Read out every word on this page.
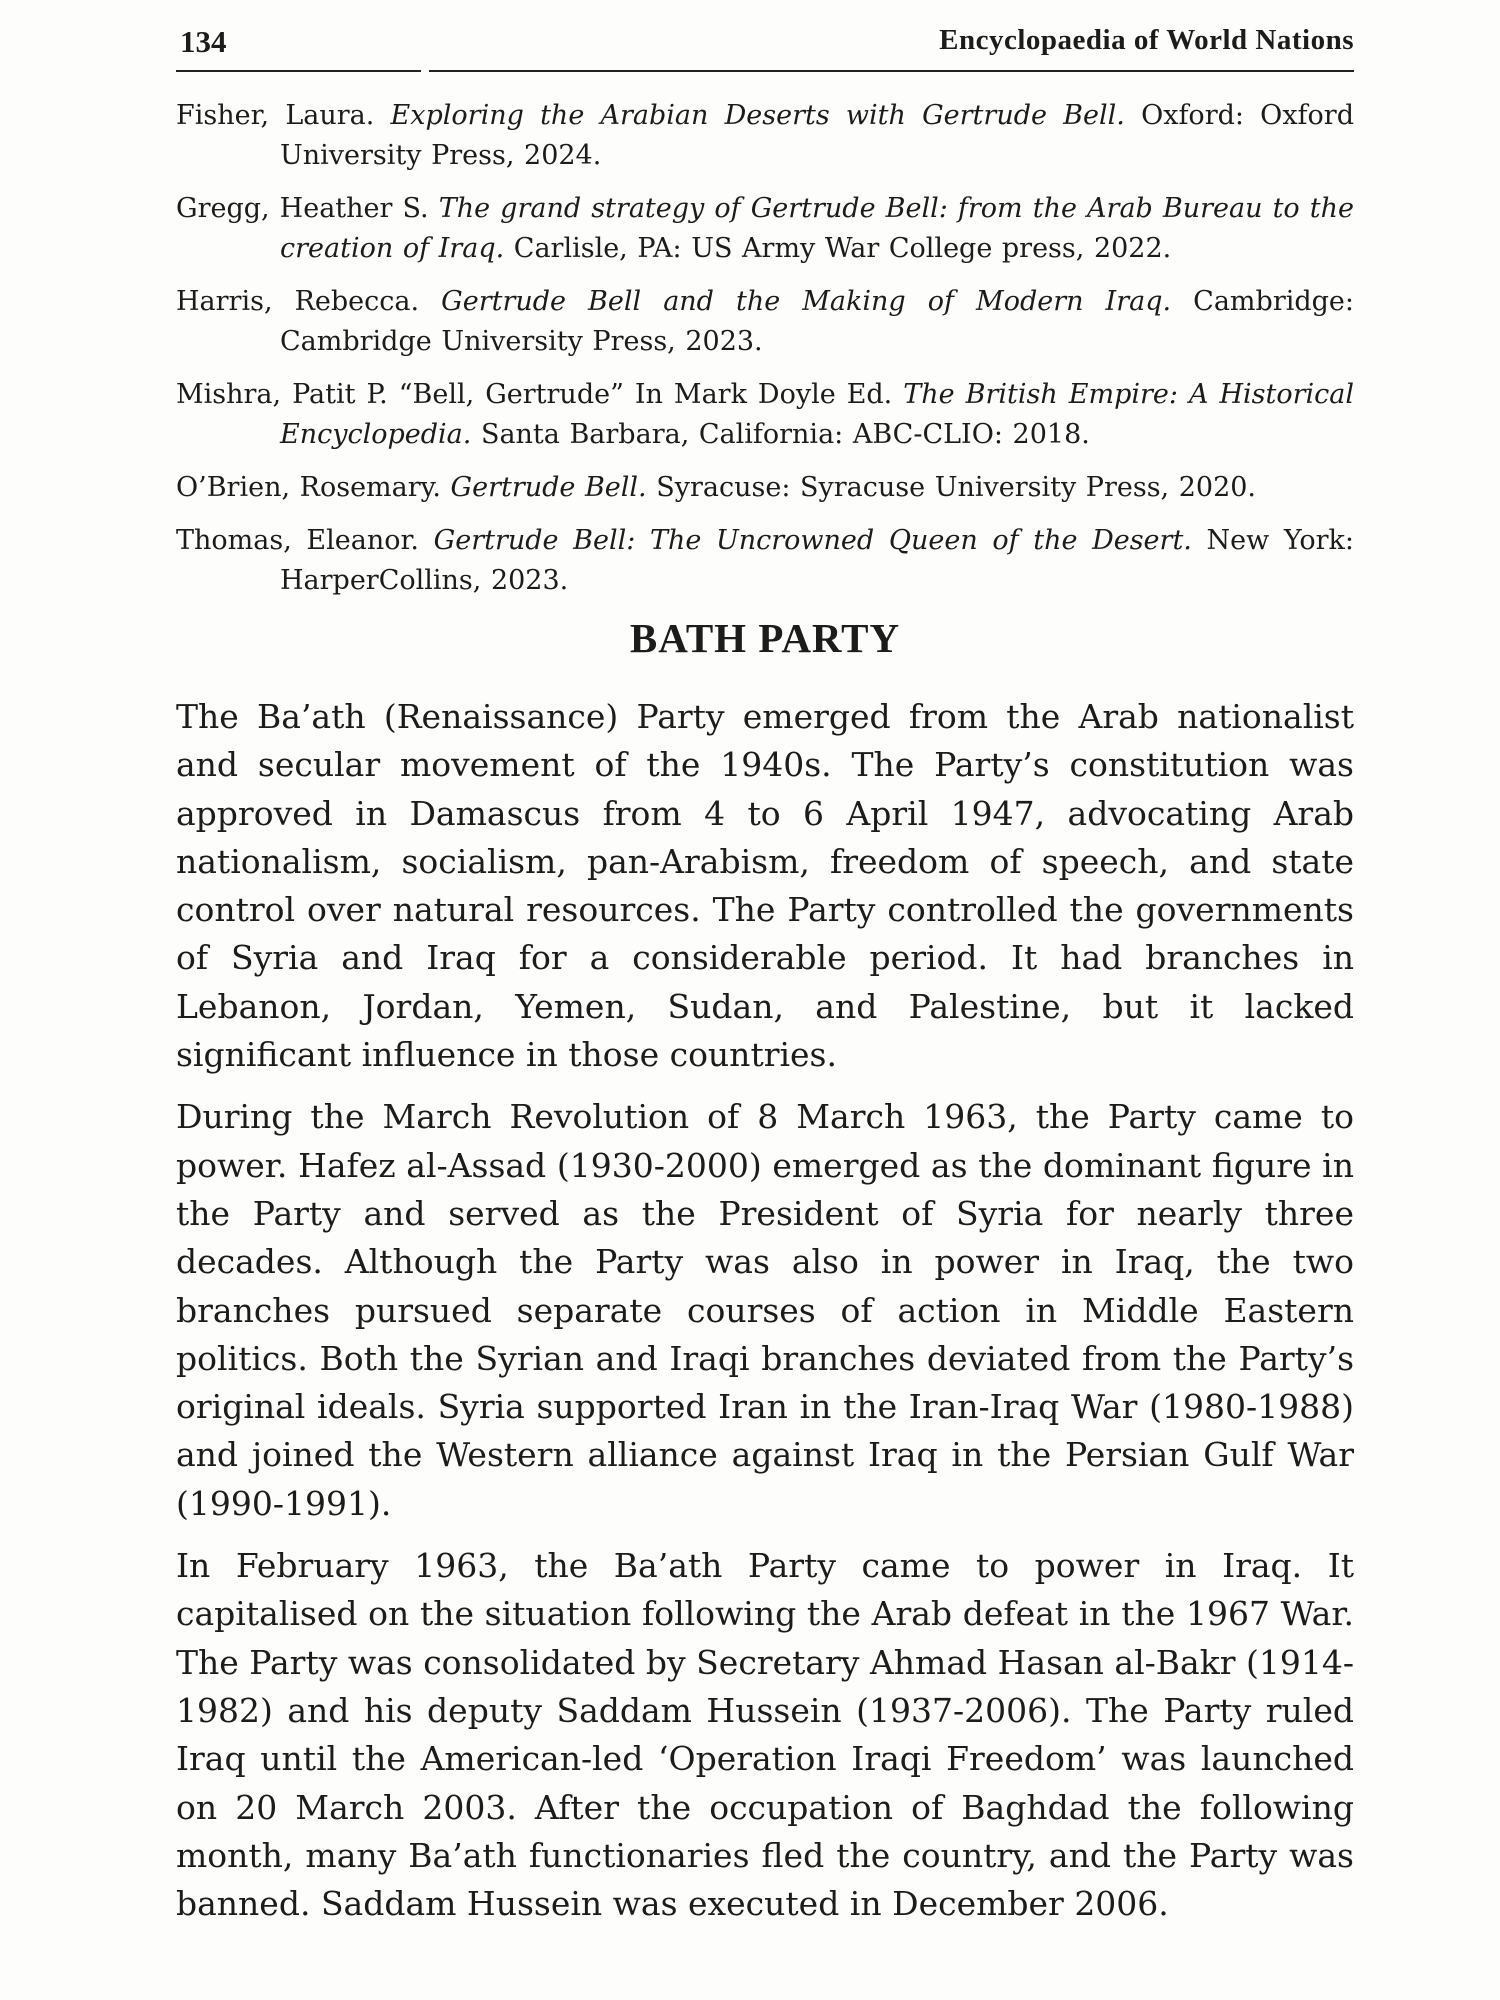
134	Encyclopaedia of World Nations
Fisher, Laura. Exploring the Arabian Deserts with Gertrude Bell. Oxford: Oxford University Press, 2024.
Gregg, Heather S. The grand strategy of Gertrude Bell: from the Arab Bureau to the creation of Iraq. Carlisle, PA: US Army War College press, 2022.
Harris, Rebecca. Gertrude Bell and the Making of Modern Iraq. Cambridge: Cambridge University Press, 2023.
Mishra, Patit P. “Bell, Gertrude” In Mark Doyle Ed. The British Empire: A Historical Encyclopedia. Santa Barbara, California: ABC-CLIO: 2018.
O’Brien, Rosemary. Gertrude Bell. Syracuse: Syracuse University Press, 2020.
Thomas, Eleanor. Gertrude Bell: The Uncrowned Queen of the Desert. New York: HarperCollins, 2023.
BATH PARTY

The Ba’ath (Renaissance) Party emerged from the Arab nationalist and secular movement of the 1940s. The Party’s constitution was approved in Damascus from 4 to 6 April 1947, advocating Arab nationalism, socialism, pan-Arabism, freedom of speech, and state control over natural resources. The Party controlled the governments of Syria and Iraq for a considerable period. It had branches in Lebanon, Jordan, Yemen, Sudan, and Palestine, but it lacked significant influence in those countries.

During the March Revolution of 8 March 1963, the Party came to power. Hafez al-Assad (1930-2000) emerged as the dominant figure in the Party and served as the President of Syria for nearly three decades. Although the Party was also in power in Iraq, the two branches pursued separate courses of action in Middle Eastern politics. Both the Syrian and Iraqi branches deviated from the Party’s original ideals. Syria supported Iran in the Iran-Iraq War (1980-1988) and joined the Western alliance against Iraq in the Persian Gulf War (1990-1991).

In February 1963, the Ba’ath Party came to power in Iraq. It capitalised on the situation following the Arab defeat in the 1967 War. The Party was consolidated by Secretary Ahmad Hasan al-Bakr (1914-1982) and his deputy Saddam Hussein (1937-2006). The Party ruled Iraq until the American-led ‘Operation Iraqi Freedom’ was launched on 20 March 2003. After the occupation of Baghdad the following month, many Ba’ath functionaries fled the country, and the Party was banned. Saddam Hussein was executed in December 2006.
